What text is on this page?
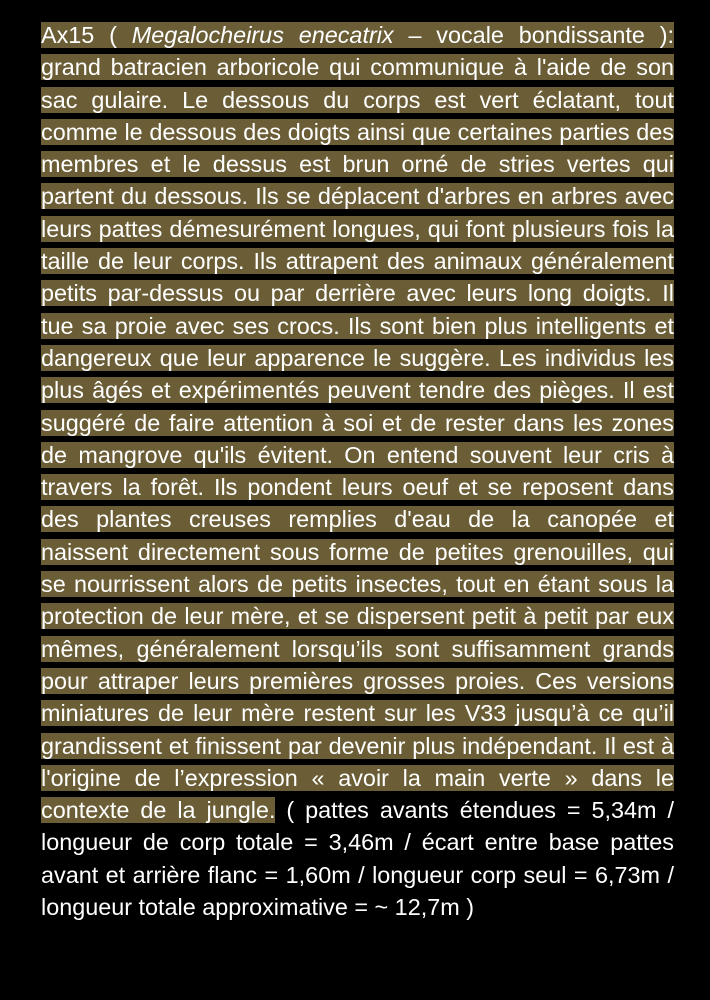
Ax15 ( Megalocheirus enecatrix – vocale bondissante ): grand batracien arboricole qui communique à l'aide de son sac gulaire. Le dessous du corps est vert éclatant, tout comme le dessous des doigts ainsi que certaines parties des membres et le dessus est brun orné de stries vertes qui partent du dessous. Ils se déplacent d'arbres en arbres avec leurs pattes démesurément longues, qui font plusieurs fois la taille de leur corps. Ils attrapent des animaux généralement petits par-dessus ou par derrière avec leurs long doigts. Il tue sa proie avec ses crocs. Ils sont bien plus intelligents et dangereux que leur apparence le suggère. Les individus les plus âgés et expérimentés peuvent tendre des pièges. Il est suggéré de faire attention à soi et de rester dans les zones de mangrove qu'ils évitent. On entend souvent leur cris à travers la forêt. Ils pondent leurs oeuf et se reposent dans des plantes creuses remplies d'eau de la canopée et naissent directement sous forme de petites grenouilles, qui se nourrissent alors de petits insectes, tout en étant sous la protection de leur mère, et se dispersent petit à petit par eux mêmes, généralement lorsqu’ils sont suffisamment grands pour attraper leurs premières grosses proies. Ces versions miniatures de leur mère restent sur les V33 jusqu’à ce qu’il grandissent et finissent par devenir plus indépendant. Il est à l'origine de l’expression « avoir la main verte » dans le contexte de la jungle. ( pattes avants étendues = 5,34m / longueur de corp totale = 3,46m / écart entre base pattes avant et arrière flanc = 1,60m / longueur corp seul = 6,73m / longueur totale approximative = ~ 12,7m )
